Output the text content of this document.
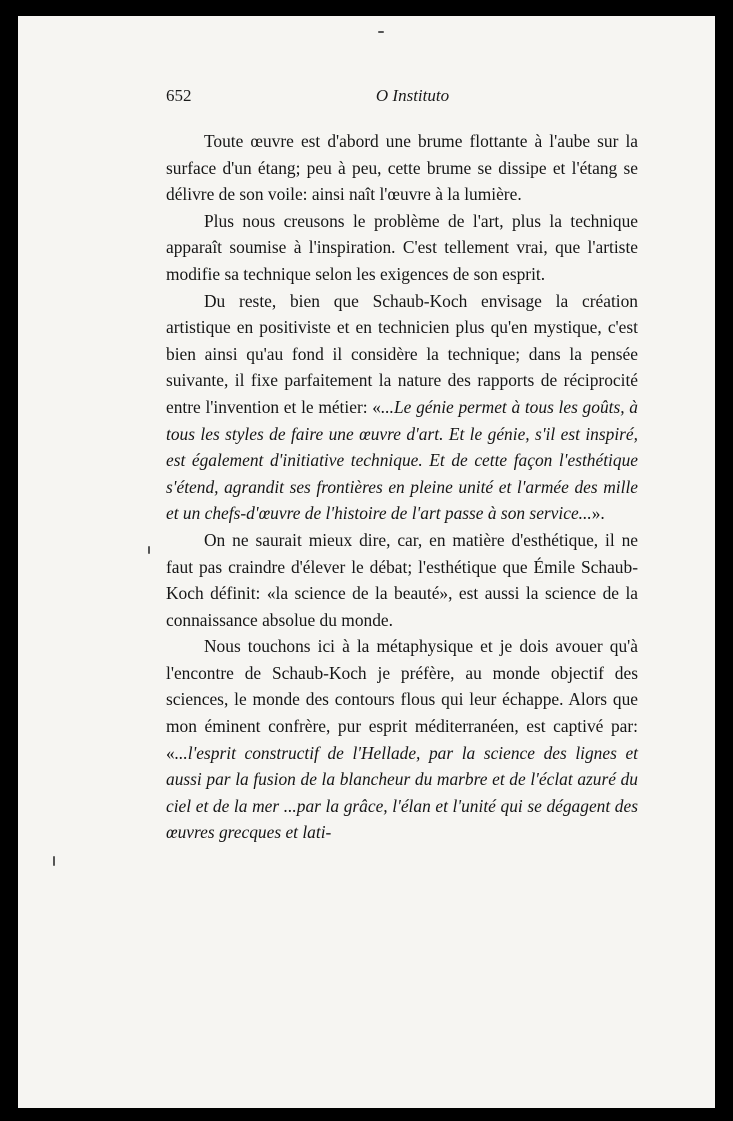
652	O Instituto

Toute œuvre est d'abord une brume flottante à l'aube sur la surface d'un étang; peu à peu, cette brume se dissipe et l'étang se délivre de son voile: ainsi naît l'œuvre à la lumière.

Plus nous creusons le problème de l'art, plus la technique apparaît soumise à l'inspiration. C'est tellement vrai, que l'artiste modifie sa technique selon les exigences de son esprit.

Du reste, bien que Schaub-Koch envisage la création artistique en positiviste et en technicien plus qu'en mystique, c'est bien ainsi qu'au fond il considère la technique; dans la pensée suivante, il fixe parfaitement la nature des rapports de réciprocité entre l'invention et le métier: «...Le génie permet à tous les goûts, à tous les styles de faire une œuvre d'art. Et le génie, s'il est inspiré, est également d'initiative technique. Et de cette façon l'esthétique s'étend, agrandit ses frontières en pleine unité et l'armée des mille et un chefs-d'œuvre de l'histoire de l'art passe à son service...».

On ne saurait mieux dire, car, en matière d'esthétique, il ne faut pas craindre d'élever le débat; l'esthétique que Émile Schaub-Koch définit: «la science de la beauté», est aussi la science de la connaissance absolue du monde.

Nous touchons ici à la métaphysique et je dois avouer qu'à l'encontre de Schaub-Koch je préfère, au monde objectif des sciences, le monde des contours flous qui leur échappe. Alors que mon éminent confrère, pur esprit méditerranéen, est captivé par: «...l'esprit constructif de l'Hellade, par la science des lignes et aussi par la fusion de la blancheur du marbre et de l'éclat azuré du ciel et de la mer ...par la grâce, l'élan et l'unité qui se dégagent des œuvres grecques et lati-
